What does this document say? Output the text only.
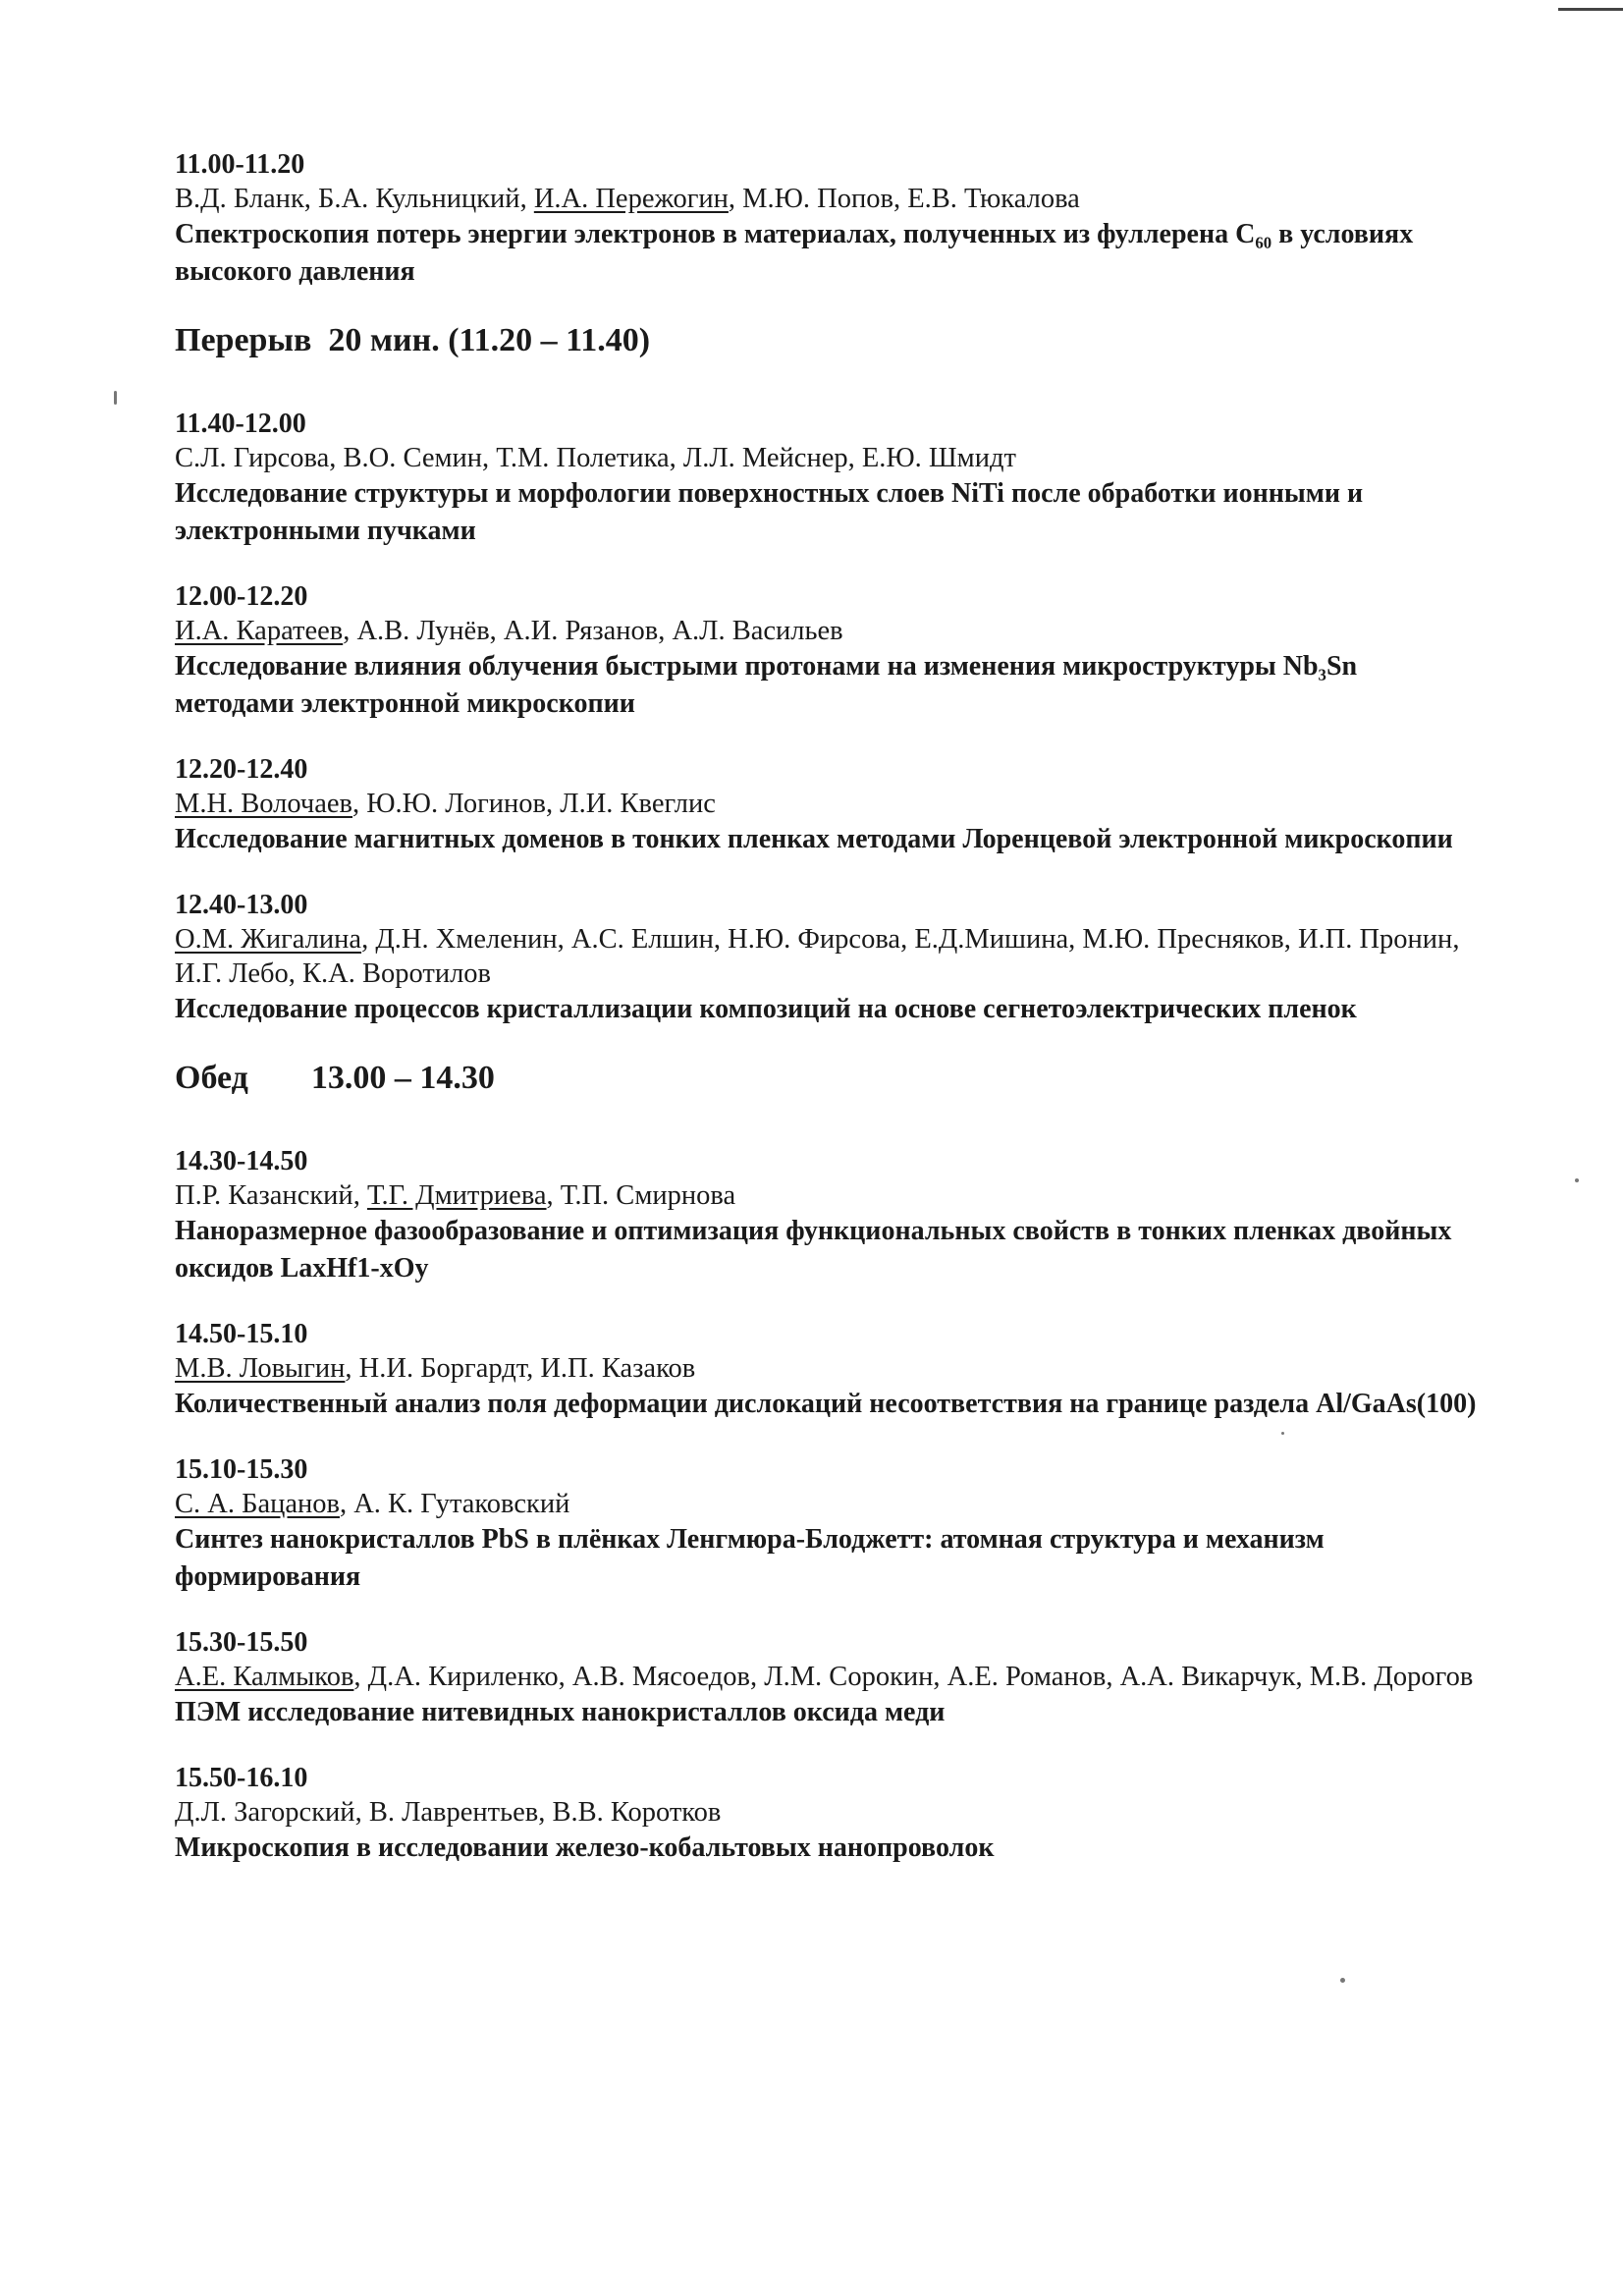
11.00-11.20
В.Д. Бланк, Б.А. Кульницкий, И.А. Пережогин, М.Ю. Попов, Е.В. Тюкалова
Спектроскопия потерь энергии электронов в материалах, полученных из фуллерена С₆₀ в условиях высокого давления
Перерыв  20 мин. (11.20 – 11.40)
11.40-12.00
С.Л. Гирсова, В.О. Семин, Т.М. Полетика, Л.Л. Мейснер, Е.Ю. Шмидт
Исследование структуры и морфологии поверхностных слоев NiTi после обработки ионными и электронными пучками
12.00-12.20
И.А. Каратеев, А.В. Лунёв, А.И. Рязанов, А.Л. Васильев
Исследование влияния облучения быстрыми протонами на изменения микроструктуры Nb₃Sn методами электронной микроскопии
12.20-12.40
М.Н. Волочаев, Ю.Ю. Логинов, Л.И. Квеглис
Исследование магнитных доменов в тонких пленках методами Лоренцевой электронной микроскопии
12.40-13.00
О.М. Жигалина, Д.Н. Хмеленин, А.С. Елшин, Н.Ю. Фирсова, Е.Д.Мишина, М.Ю. Пресняков, И.П. Пронин, И.Г. Лебо, К.А. Воротилов
Исследование процессов кристаллизации композиций на основе сегнетоэлектрических пленок
Обед 13.00 – 14.30
14.30-14.50
П.Р. Казанский, Т.Г. Дмитриева, Т.П. Смирнова
Наноразмерное фазообразование и оптимизация функциональных свойств в тонких пленках двойных оксидов LaxHf1-xOy
14.50-15.10
М.В. Ловыгин, Н.И. Боргардт, И.П. Казаков
Количественный анализ поля деформации дислокаций несоответствия на границе раздела Al/GaAs(100)
15.10-15.30
С. А. Бацанов, А. К. Гутаковский
Синтез нанокристаллов PbS в плёнках Ленгмюра-Блоджетт: атомная структура и механизм формирования
15.30-15.50
А.Е. Калмыков, Д.А. Кириленко, А.В. Мясоедов, Л.М. Сорокин, А.Е. Романов, А.А. Викарчук, М.В. Дорогов
ПЭМ исследование нитевидных нанокристаллов оксида меди
15.50-16.10
Д.Л. Загорский, В. Лаврентьев, В.В. Коротков
Микроскопия в исследовании железо-кобальтовых нанопроволок
